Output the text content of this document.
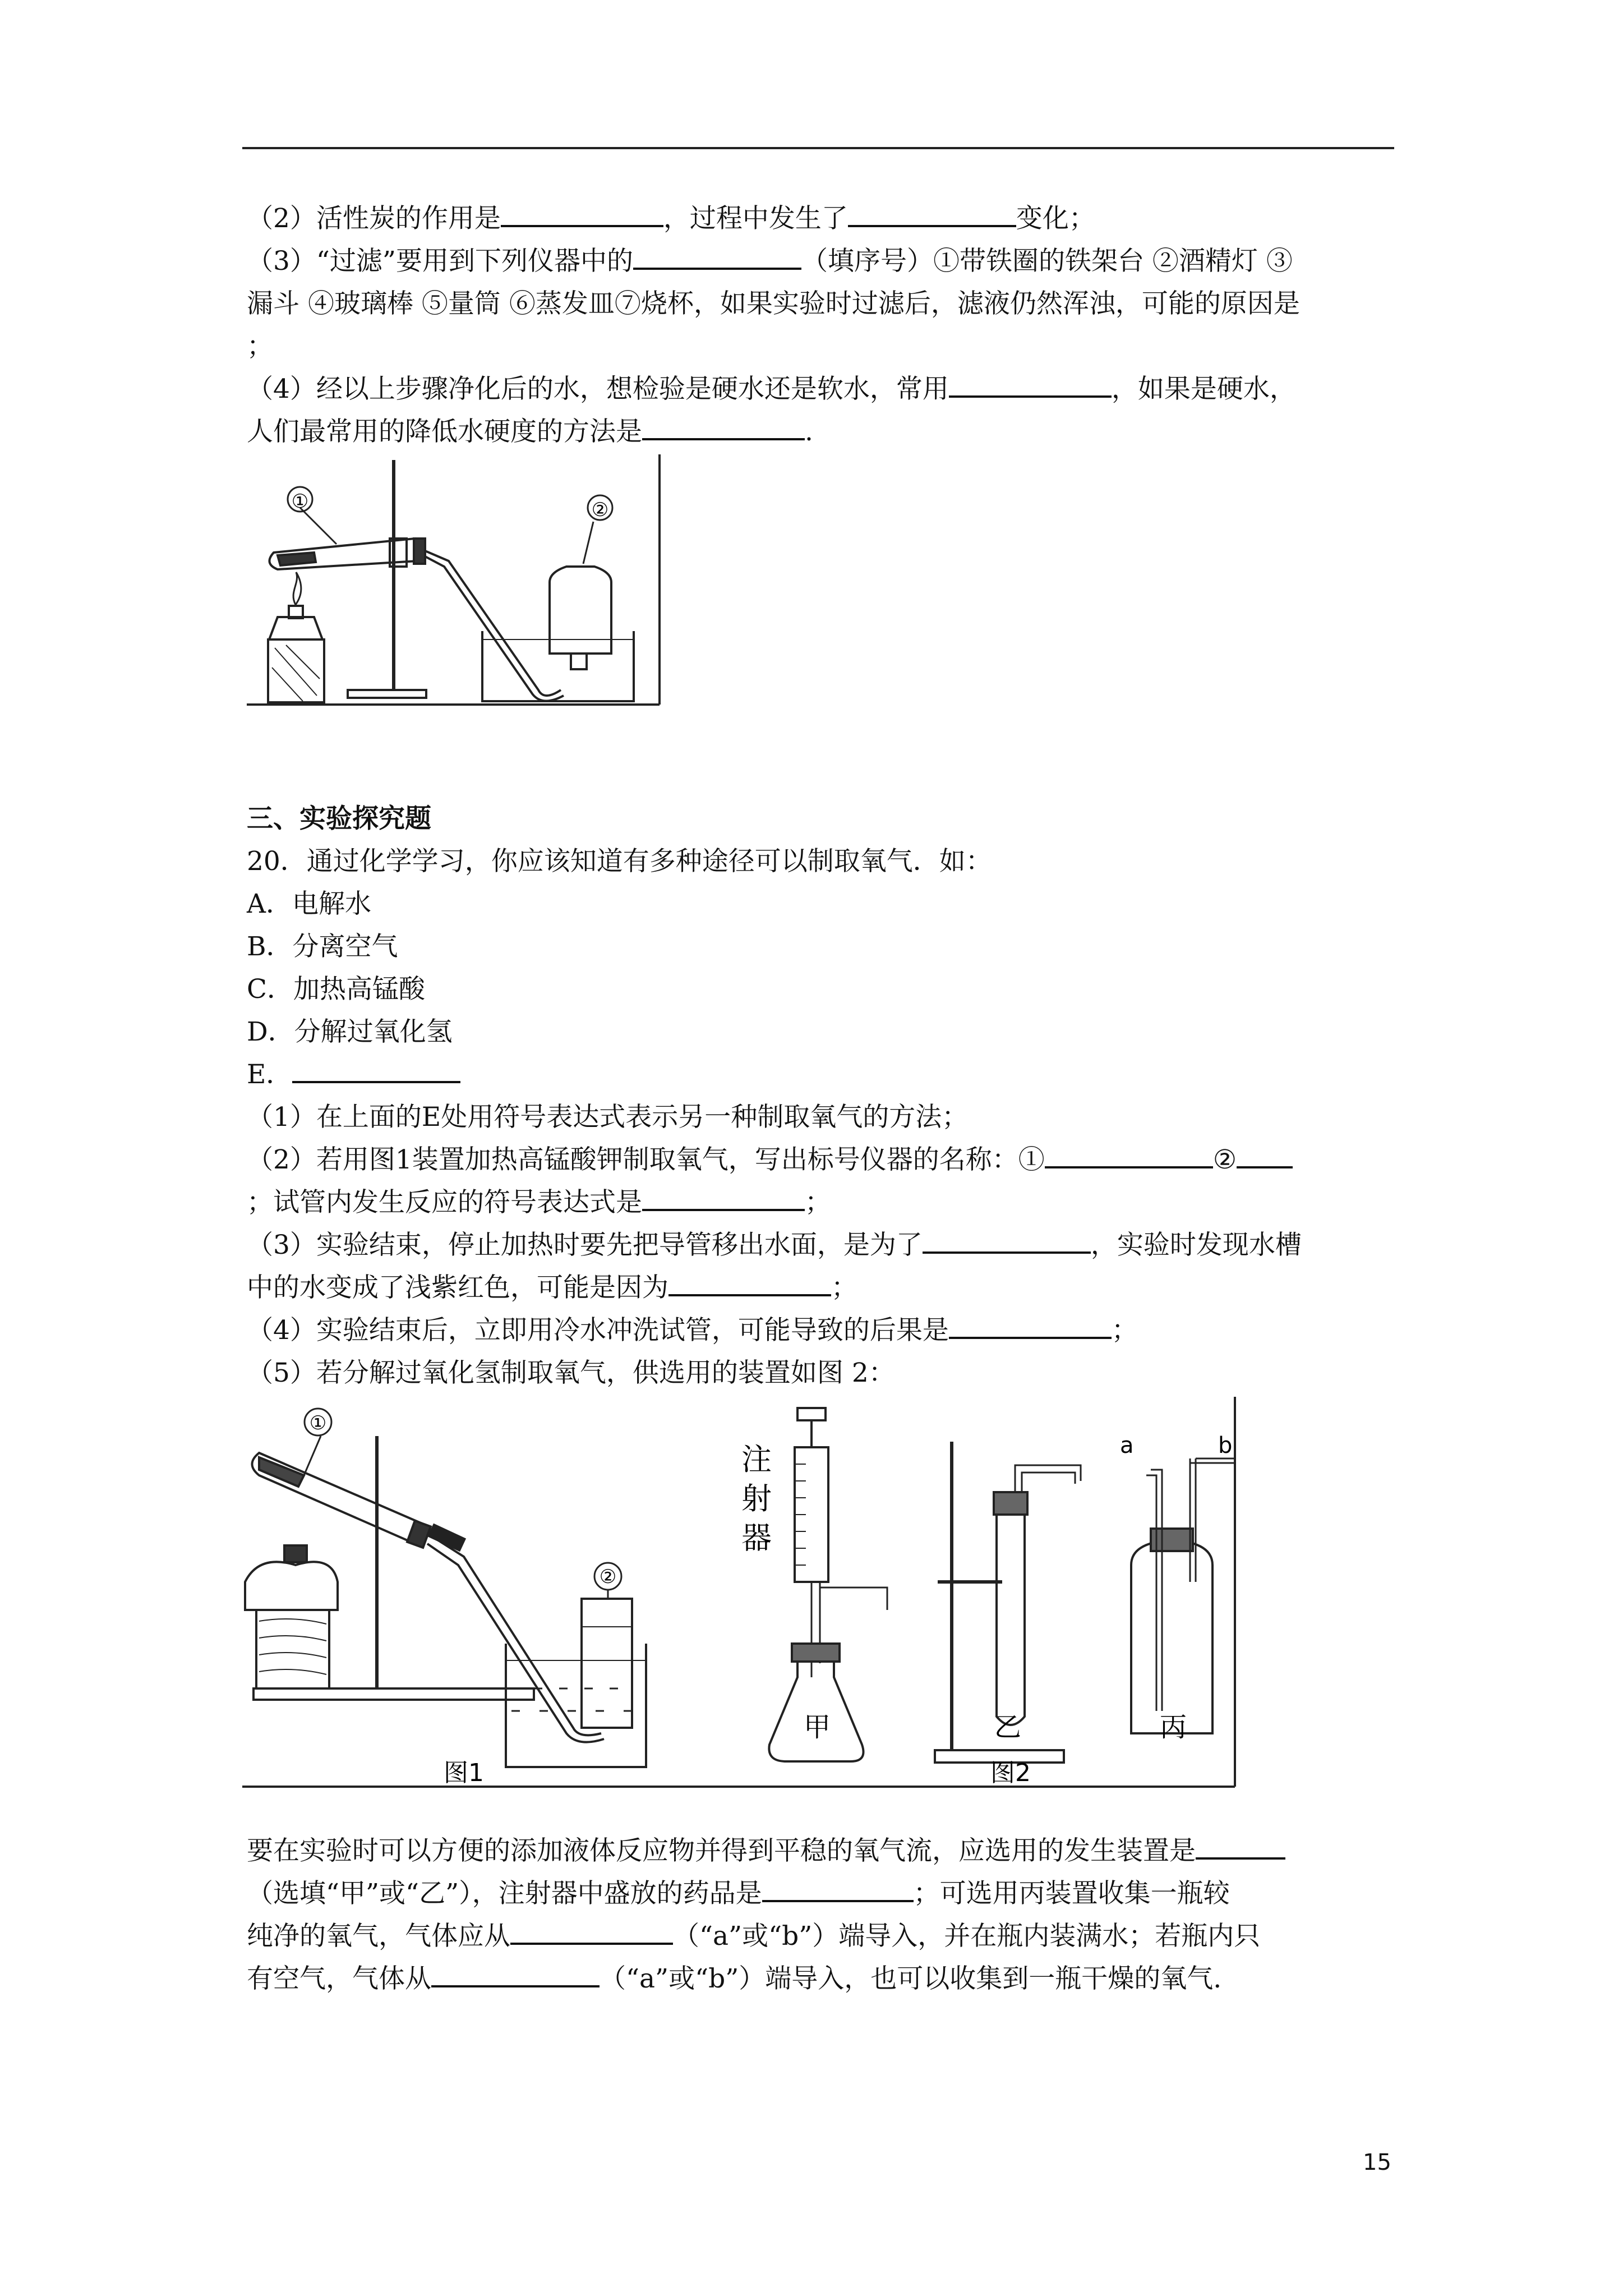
（2）活性炭的作用是	，过程中发生了	变化；
（3）“过滤”要用到下列仪器中的	（填序号）①带铁圈的铁架台 ②酒精灯 ③
漏斗 ④玻璃棒 ⑤量筒 ⑥蒸发皿⑦烧杯，如果实验时过滤后，滤液仍然浑浊，可能的原因是
；
（4）经以上步骤净化后的水，想检验是硬水还是软水，常用	，如果是硬水，
人们最常用的降低水硬度的方法是	.
①	②
三、实验探究题
20．通过化学学习，你应该知道有多种途径可以制取氧气．如：
A．电解水
B．分离空气
C．加热高锰酸
D．分解过氧化氢
E．
（1）在上面的E处用符号表达式表示另一种制取氧气的方法；
（2）若用图1装置加热高锰酸钾制取氧气，写出标号仪器的名称：①	②
；试管内发生反应的符号表达式是	；
（3）实验结束，停止加热时要先把导管移出水面，是为了	，实验时发现水槽
中的水变成了浅紫红色，可能是因为	；
（4）实验结束后，立即用冷水冲洗试管，可能导致的后果是	；
（5）若分解过氧化氢制取氧气，供选用的装置如图 2：
①
②
注
射
器
a	b
甲	乙	丙
图1	图2
要在实验时可以方便的添加液体反应物并得到平稳的氧气流，应选用的发生装置是
（选填“甲”或“乙”），注射器中盛放的药品是	；可选用丙装置收集一瓶较
纯净的氧气，气体应从	（“a”或“b”）端导入，并在瓶内装满水；若瓶内只
有空气，气体从	（“a”或“b”）端导入，也可以收集到一瓶干燥的氧气.
15
